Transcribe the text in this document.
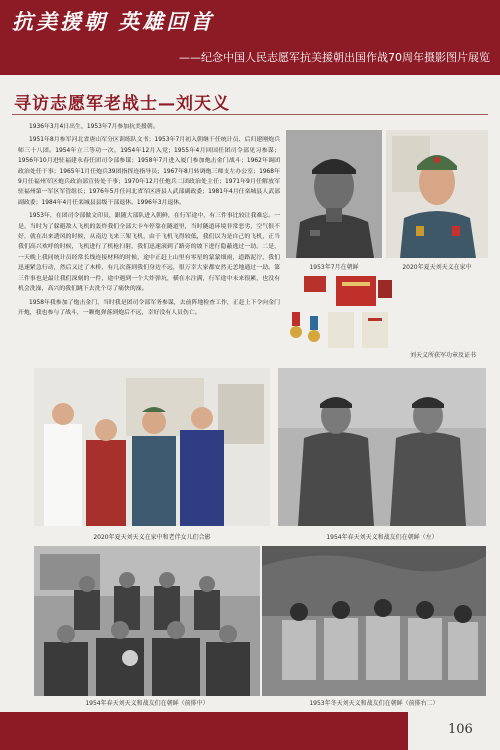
抗美援朝 英雄回首
——纪念中国人民志愿军抗美援朝出国作战70周年摄影图片展览
寻访志愿军老战士—刘天义

1936年3月4日出生，1953年7月参加抗美援朝。

1951年8月参军河北省唐山军分区训练队文书；1953年7月初入朝继干任统计员、后归建刚炮兵师三十八团。1954年立三等功一次，1954年12月入党；1955年4月回国任团司令部见习参谋；1956年10月进驻福建永春任团司令部参谋；1958年7月进入厦门参加炮击金门战斗；1962年调团政治处任干事；1965年1月任炮兵39团指挥连指导员；1967年8月转调炮三师支左办公室；1968年9月任福州军区炮兵政治部宣传处干事；1970年12月任炮兵二团政治处主任；1971年9月任解放军驻福州第一军区军管组长；1976年5月任河北省军区唐县人武部副政委；1981年4月任栾城县人武部副政委；1984年4月任栾城县县级干部退休。1996年3月退休。

1953年，在团司令部做文印员，跟随大部队进入朝鲜，在行军途中，有三件事比较让我难忘。一是，当时为了躲避敌人飞机的轰炸我们全部大卡车停靠在隧道里，当时隧道环境非常恶劣，空气很不好，就在出来透风的时候，从南边飞来三架飞机，由于飞机飞得较低，我们以为是自己的飞机，正当我们高兴欢呼的时候，飞机进行了机枪扫射，我们迅速滚到了路旁的坡下进行隐蔽逃过一劫。二是，一天晚上我同统计员经常长线连接材料的时候，途中正赶上山里有零星的蒙蒙细雨，道路泥泞，我们迅速紧急行动，然后又过了木桥，有几次落到我们身边不远，很万幸大家都安然无恙地通过一劫。第三件事也是最让我们深刻的一件，途中遇到一个大炸弹坑，横在水注满，行军途中未来很累，也没有机会洗澡，高兴的我们跳下去洗个尽了痛快的澡。

1958年我参加了炮击金门，当时我是团司令部军务参谋，去前阵地检查工作，正赶上下令向金门开炮，我也参与了战斗，一颗炮弹落到炮后不远，幸好没有人员伤亡。

1953年7月在朝鲜	2020年夏天刘天义在家中
刘天义所获军功章及证书
2020年夏天刘天义在家中和老伴女儿们合影	1954年春天刘天义和战友们在朝鲜（左）
1954年春天刘天义和战友们在朝鲜（前排中）	1953年冬天刘天义和战友们在朝鲜（前排右二）
106
